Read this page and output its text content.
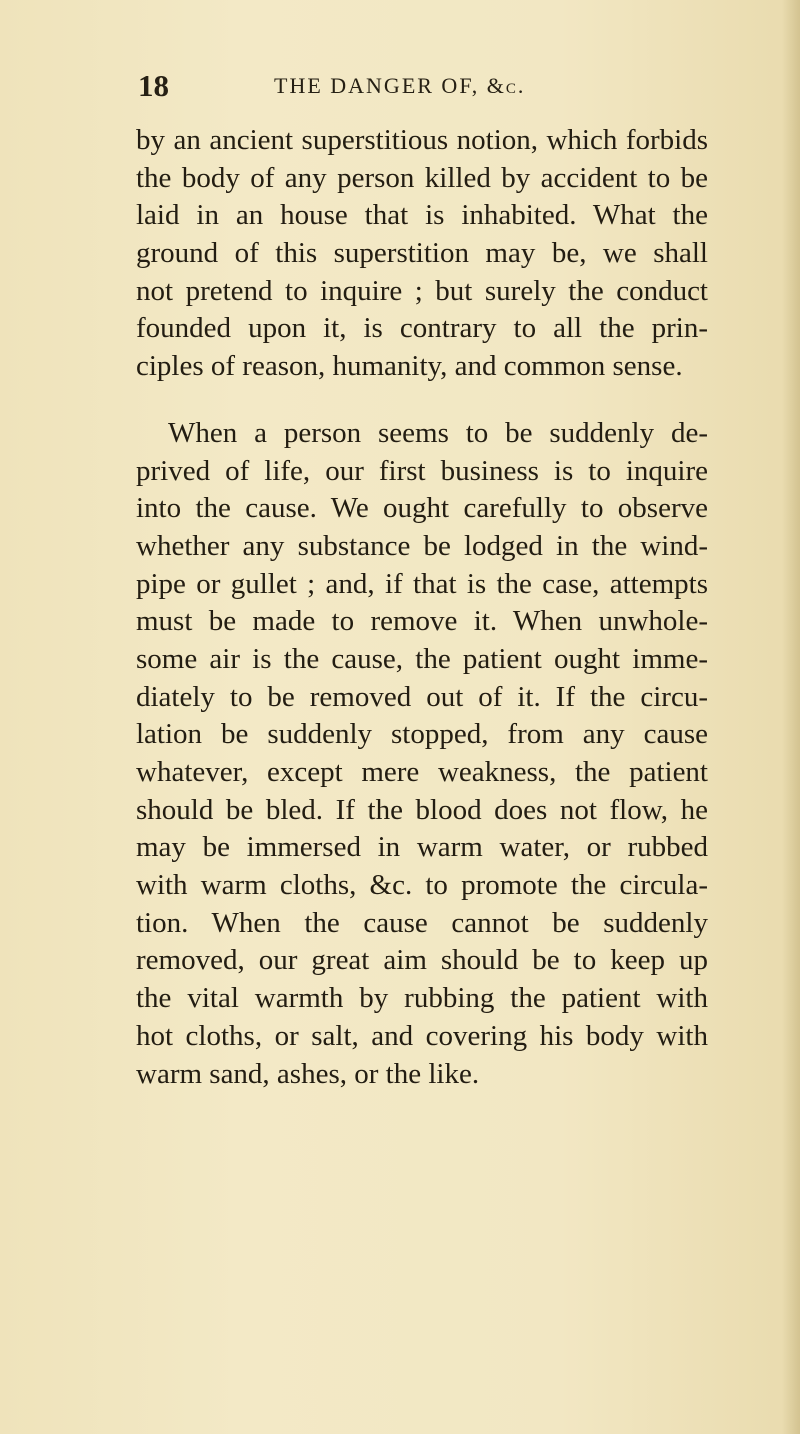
18	THE DANGER OF, &c.
by an ancient superstitious notion, which forbids
the body of any person killed by accident to be
laid in an house that is inhabited. What the
ground of this superstition may be, we shall
not pretend to inquire ; but surely the conduct
founded upon it, is contrary to all the prin-
ciples of reason, humanity, and common sense.
When a person seems to be suddenly de-
prived of life, our first business is to inquire
into the cause. We ought carefully to observe
whether any substance be lodged in the wind-
pipe or gullet ; and, if that is the case, attempts
must be made to remove it. When unwhole-
some air is the cause, the patient ought imme-
diately to be removed out of it. If the circu-
lation be suddenly stopped, from any cause
whatever, except mere weakness, the patient
should be bled. If the blood does not flow, he
may be immersed in warm water, or rubbed
with warm cloths, &c. to promote the circula-
tion. When the cause cannot be suddenly
removed, our great aim should be to keep up
the vital warmth by rubbing the patient with
hot cloths, or salt, and covering his body with
warm sand, ashes, or the like.
